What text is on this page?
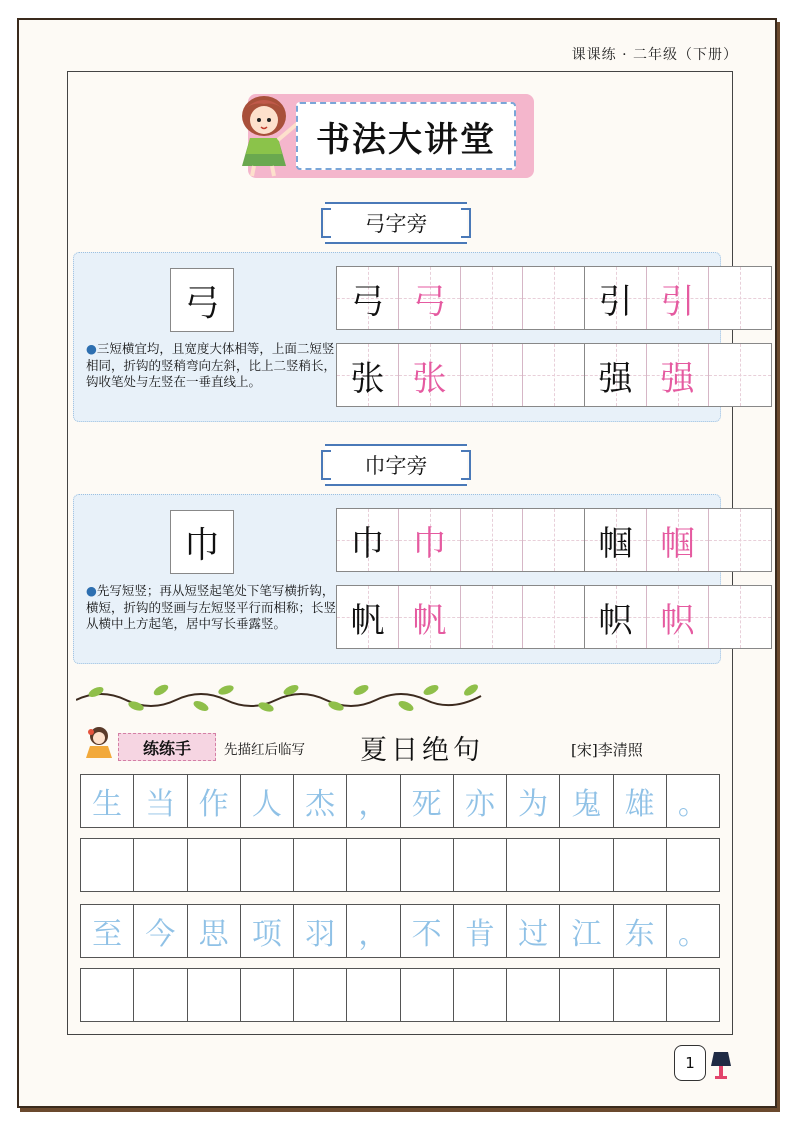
课课练 · 二年级（下册）
书法大讲堂
弓字旁
弓
●三短横宜均，且宽度大体相等，上面二短竖相同，折钩的竖稍弯向左斜，比上二竖稍长，钩收笔处与左竖在一垂直线上。
弓 弓	引 引
张 张	强 强
巾字旁
巾
●先写短竖；再从短竖起笔处下笔写横折钩，横短，折钩的竖画与左短竖平行而相称；长竖从横中上方起笔，居中写长垂露竖。
巾 巾	帼 帼
帆 帆	帜 帜
练练手	先描红后临写 夏日绝句	[宋]李清照
生 当 作 人 杰 ， 死 亦 为 鬼 雄 。
至 今 思 项 羽 ， 不 肯 过 江 东 。
1
